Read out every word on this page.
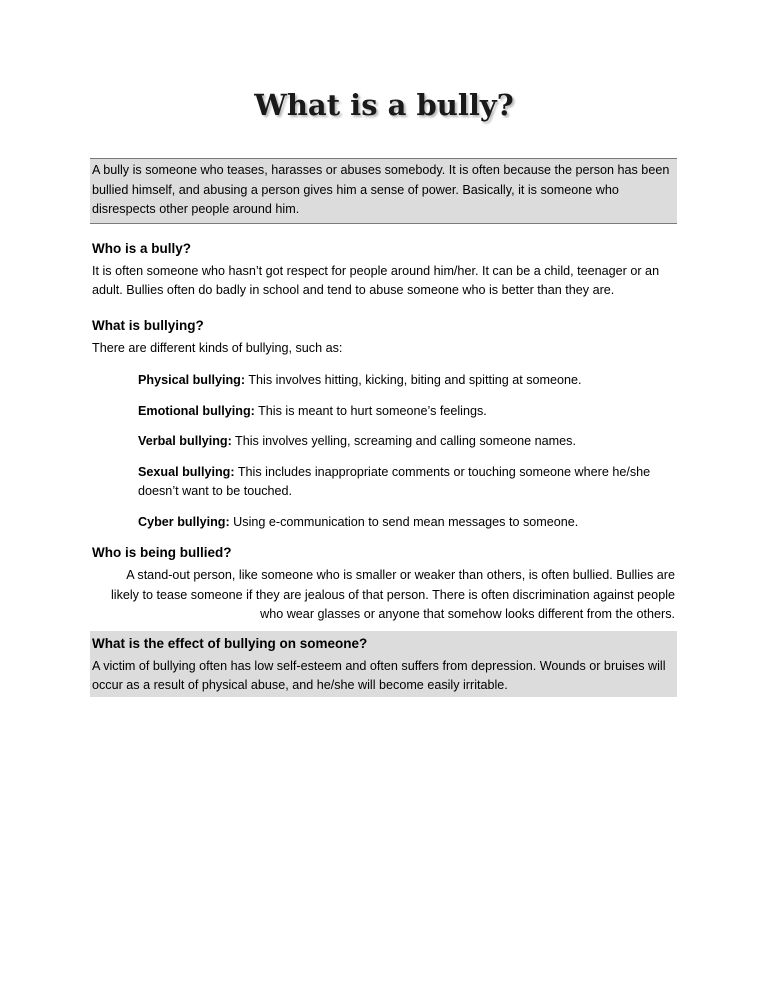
What is a bully?
A bully is someone who teases, harasses or abuses somebody. It is often because the person has been bullied himself, and abusing a person gives him a sense of power. Basically, it is someone who disrespects other people around him.
Who is a bully?
It is often someone who hasn’t got respect for people around him/her. It can be a child, teenager or an adult. Bullies often do badly in school and tend to abuse someone who is better than they are.
What is bullying?
There are different kinds of bullying, such as:
Physical bullying: This involves hitting, kicking, biting and spitting at someone.
Emotional bullying: This is meant to hurt someone’s feelings.
Verbal bullying: This involves yelling, screaming and calling someone names.
Sexual bullying: This includes inappropriate comments or touching someone where he/she doesn’t want to be touched.
Cyber bullying: Using e-communication to send mean messages to someone.
Who is being bullied?
A stand-out person, like someone who is smaller or weaker than others, is often bullied. Bullies are likely to tease someone if they are jealous of that person. There is often discrimination against people who wear glasses or anyone that somehow looks different from the others.
What is the effect of bullying on someone?
A victim of bullying often has low self-esteem and often suffers from depression. Wounds or bruises will occur as a result of physical abuse, and he/she will become easily irritable.
